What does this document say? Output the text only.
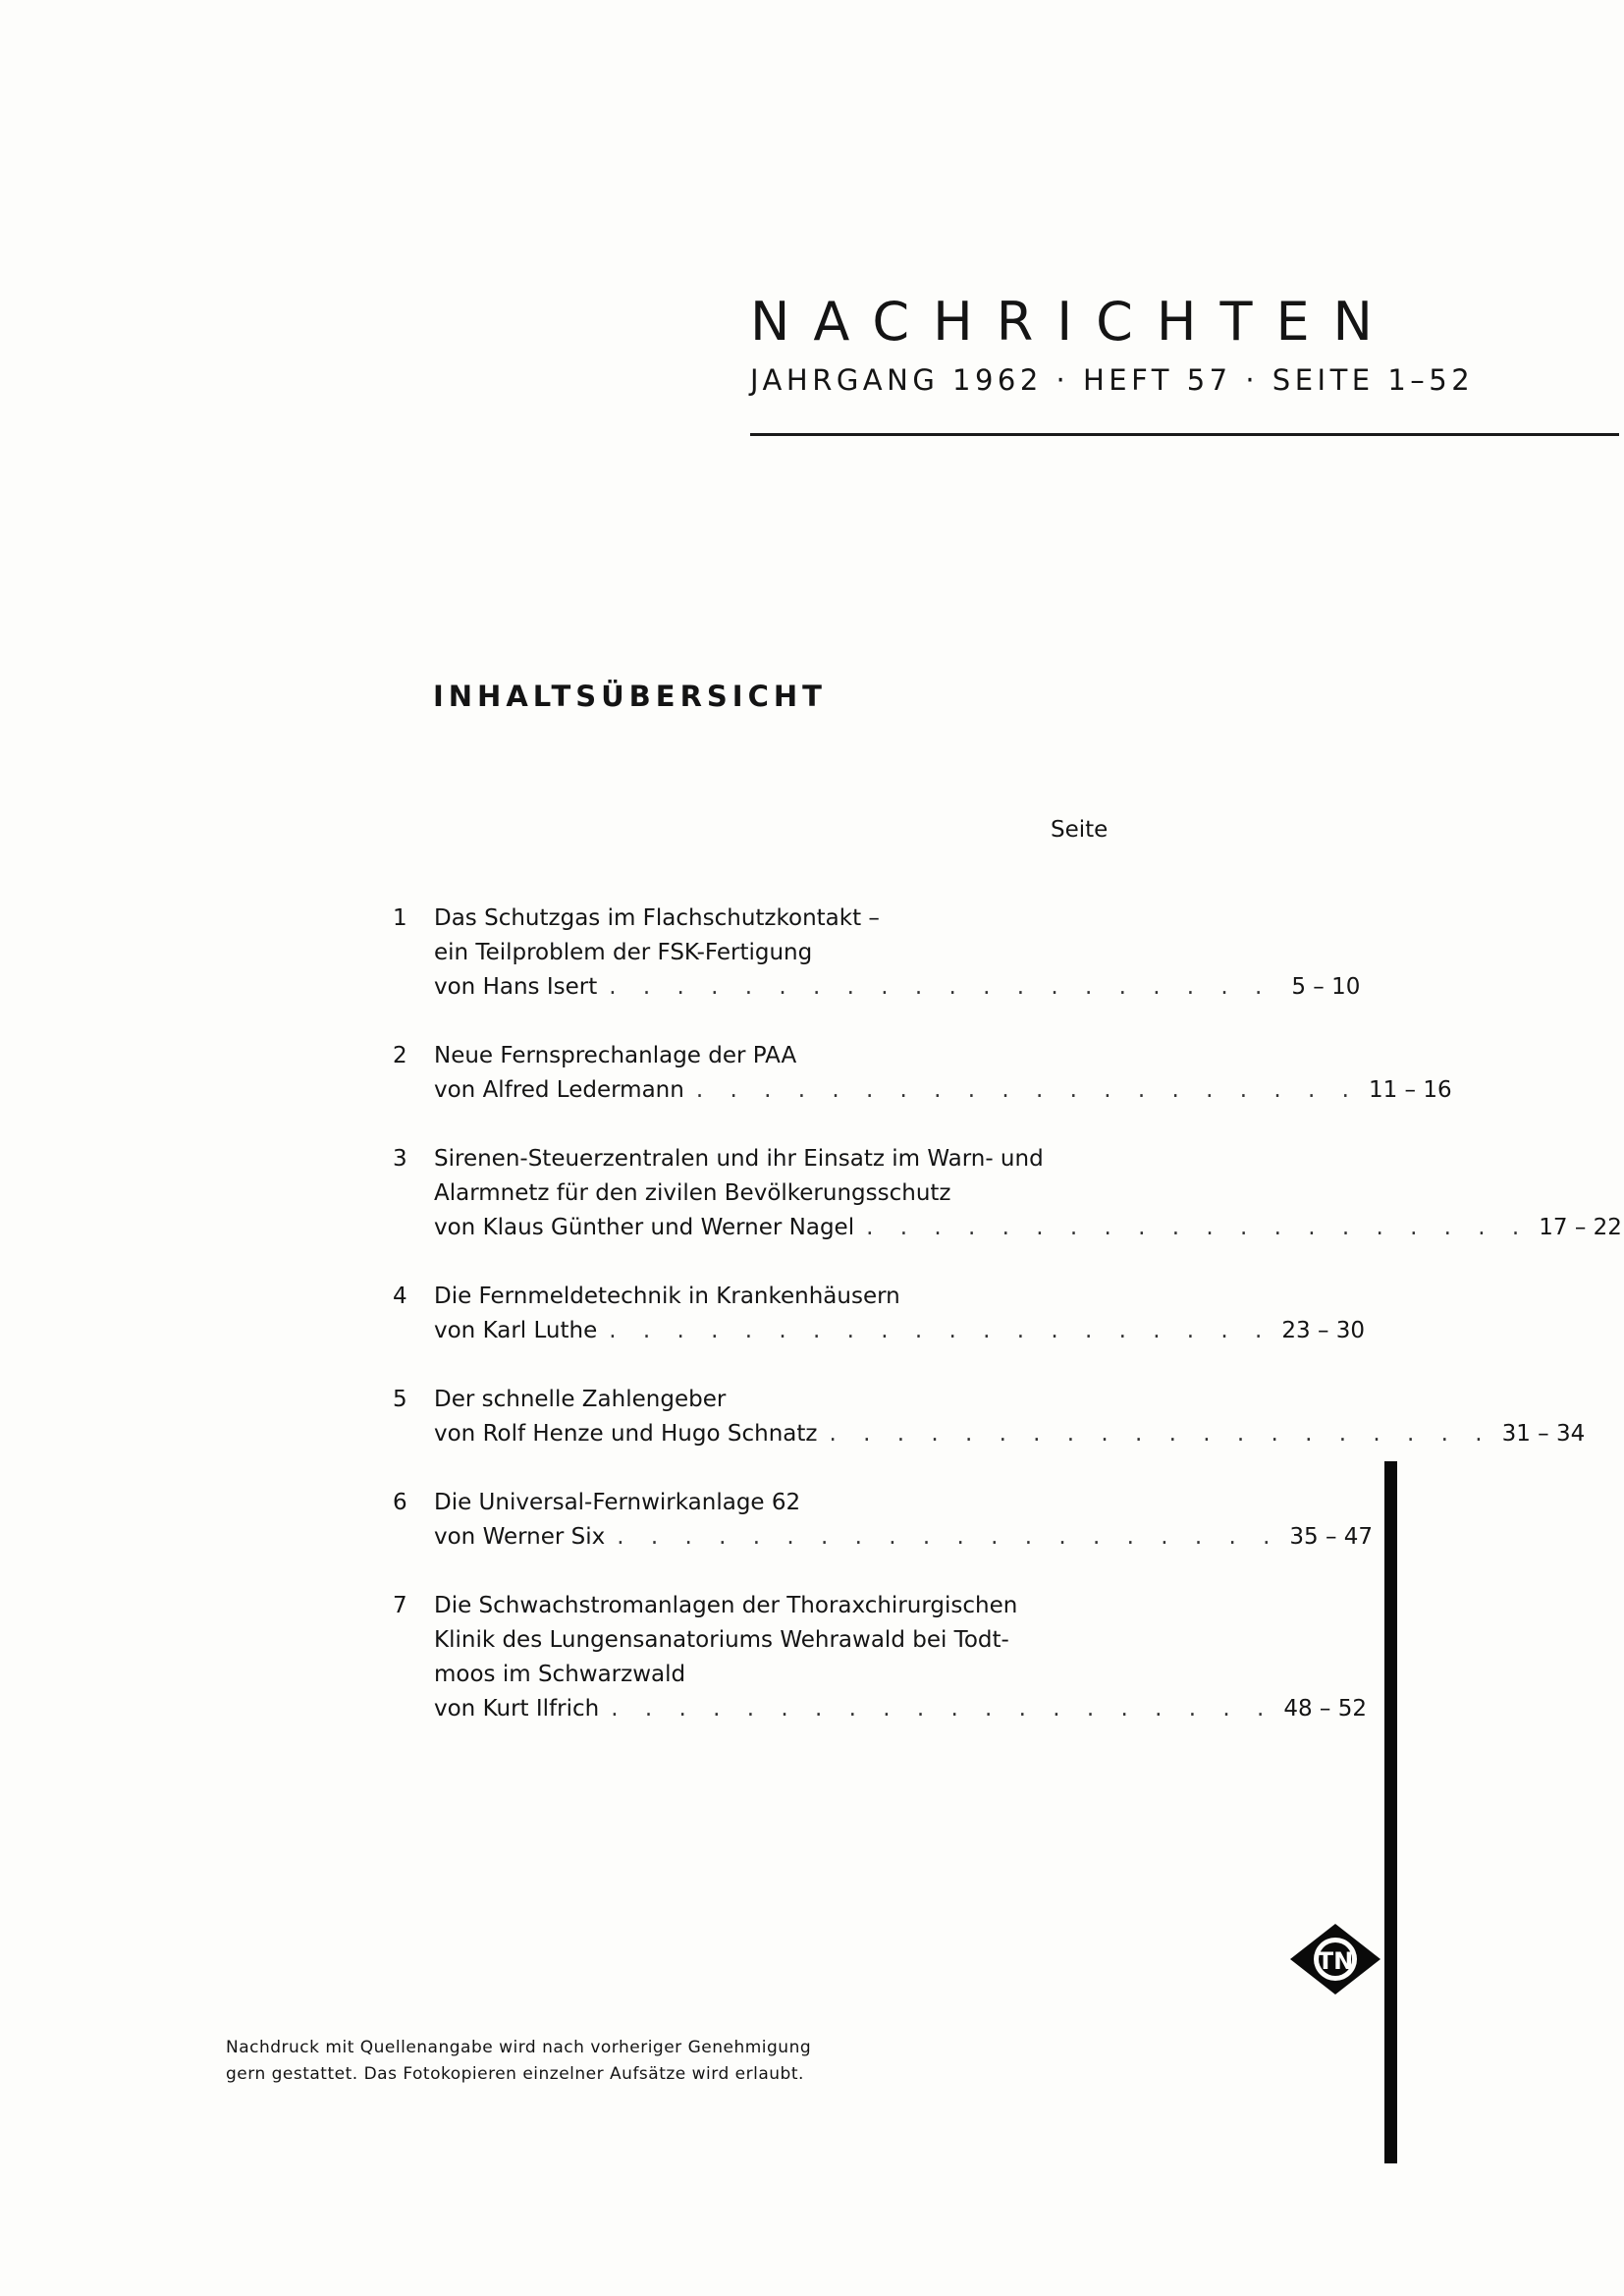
NACHRICHTEN
JAHRGANG 1962 · HEFT 57 · SEITE 1–52
INHALTSÜBERSICHT
Seite
1 Das Schutzgas im Flachschutzkontakt –
ein Teilproblem der FSK-Fertigung
von Hans Isert . . . . . . . . . . . . . . . . . . . . 5 – 10
2 Neue Fernsprechanlage der PAA
von Alfred Ledermann . . . . . . . . . . . . . . . . . . . . 11 – 16
3 Sirenen-Steuerzentralen und ihr Einsatz im Warn- und
Alarmnetz für den zivilen Bevölkerungsschutz
von Klaus Günther und Werner Nagel . . . . . . . . . . . . . . . . . . . . 17 – 22
4 Die Fernmeldetechnik in Krankenhäusern
von Karl Luthe . . . . . . . . . . . . . . . . . . . . 23 – 30
5 Der schnelle Zahlengeber
von Rolf Henze und Hugo Schnatz . . . . . . . . . . . . . . . . . . . . 31 – 34
6 Die Universal-Fernwirkanlage 62
von Werner Six . . . . . . . . . . . . . . . . . . . . 35 – 47
7 Die Schwachstromanlagen der Thoraxchirurgischen
Klinik des Lungensanatoriums Wehrawald bei Todt-
moos im Schwarzwald
von Kurt Ilfrich . . . . . . . . . . . . . . . . . . . . 48 – 52
TN
Nachdruck mit Quellenangabe wird nach vorheriger Genehmigung
gern gestattet. Das Fotokopieren einzelner Aufsätze wird erlaubt.
